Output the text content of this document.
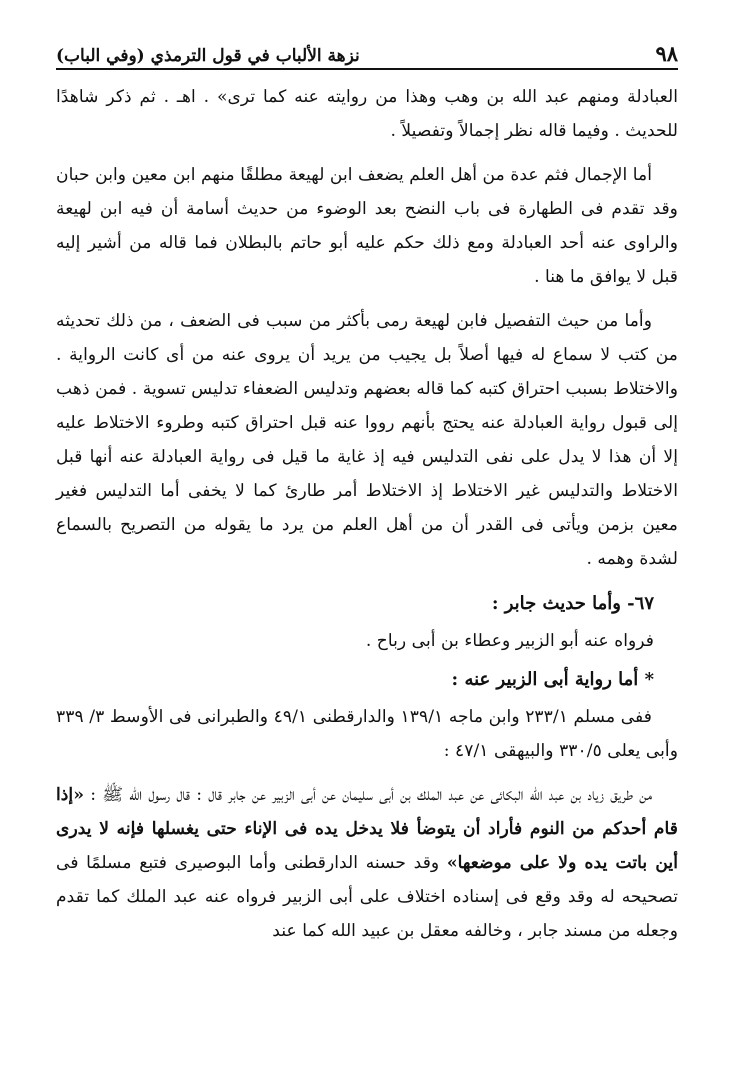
نزهة الألباب في قول الترمذي (وفي الباب)	٩٨

العبادلة ومنهم عبد الله بن وهب وهذا من روايته عنه كما ترى» . اهـ . ثم ذكر شاهدًا للحديث . وفيما قاله نظر إجمالاً وتفصيلاً .

أما الإجمال فثم عدة من أهل العلم يضعف ابن لهيعة مطلقًا منهم ابن معين وابن حبان وقد تقدم فى الطهارة فى باب النضح بعد الوضوء من حديث أسامة أن فيه ابن لهيعة والراوى عنه أحد العبادلة ومع ذلك حكم عليه أبو حاتم بالبطلان فما قاله من أشير إليه قبل لا يوافق ما هنا .

وأما من حيث التفصيل فابن لهيعة رمى بأكثر من سبب فى الضعف ، من ذلك تحديثه من كتب لا سماع له فيها أصلاً بل يجيب من يريد أن يروى عنه من أى كانت الرواية . والاختلاط بسبب احتراق كتبه كما قاله بعضهم وتدليس الضعفاء تدليس تسوية . فمن ذهب إلى قبول رواية العبادلة عنه يحتج بأنهم رووا عنه قبل احتراق كتبه وطروء الاختلاط عليه إلا أن هذا لا يدل على نفى التدليس فيه إذ غاية ما قيل فى رواية العبادلة عنه أنها قبل الاختلاط والتدليس غير الاختلاط إذ الاختلاط أمر طارئ كما لا يخفى أما التدليس فغير معين بزمن ويأتى فى القدر أن من أهل العلم من يرد ما يقوله من التصريح بالسماع لشدة وهمه .

٦٧- وأما حديث جابر :
فرواه عنه أبو الزبير وعطاء بن أبى رباح .
* أما رواية أبى الزبير عنه :

ففى مسلم ٢٣٣/١ وابن ماجه ١٣٩/١ والدارقطنى ٤٩/١ والطبرانى فى الأوسط ٣/ ٣٣٩ وأبى يعلى ٣٣٠/٥ والبيهقى ٤٧/١ :

من طريق زياد بن عبد الله البكائى عن عبد الملك بن أبى سليمان عن أبى الزبير عن جابر قال : قال رسول الله ﷺ : «إذا قام أحدكم من النوم فأراد أن يتوضأ فلا يدخل يده فى الإناء حتى يغسلها فإنه لا يدرى أين باتت يده ولا على موضعها» وقد حسنه الدارقطنى وأما البوصيرى فتبع مسلمًا فى تصحيحه له وقد وقع فى إسناده اختلاف على أبى الزبير فرواه عنه عبد الملك كما تقدم وجعله من مسند جابر ، وخالفه معقل بن عبيد الله كما عند
